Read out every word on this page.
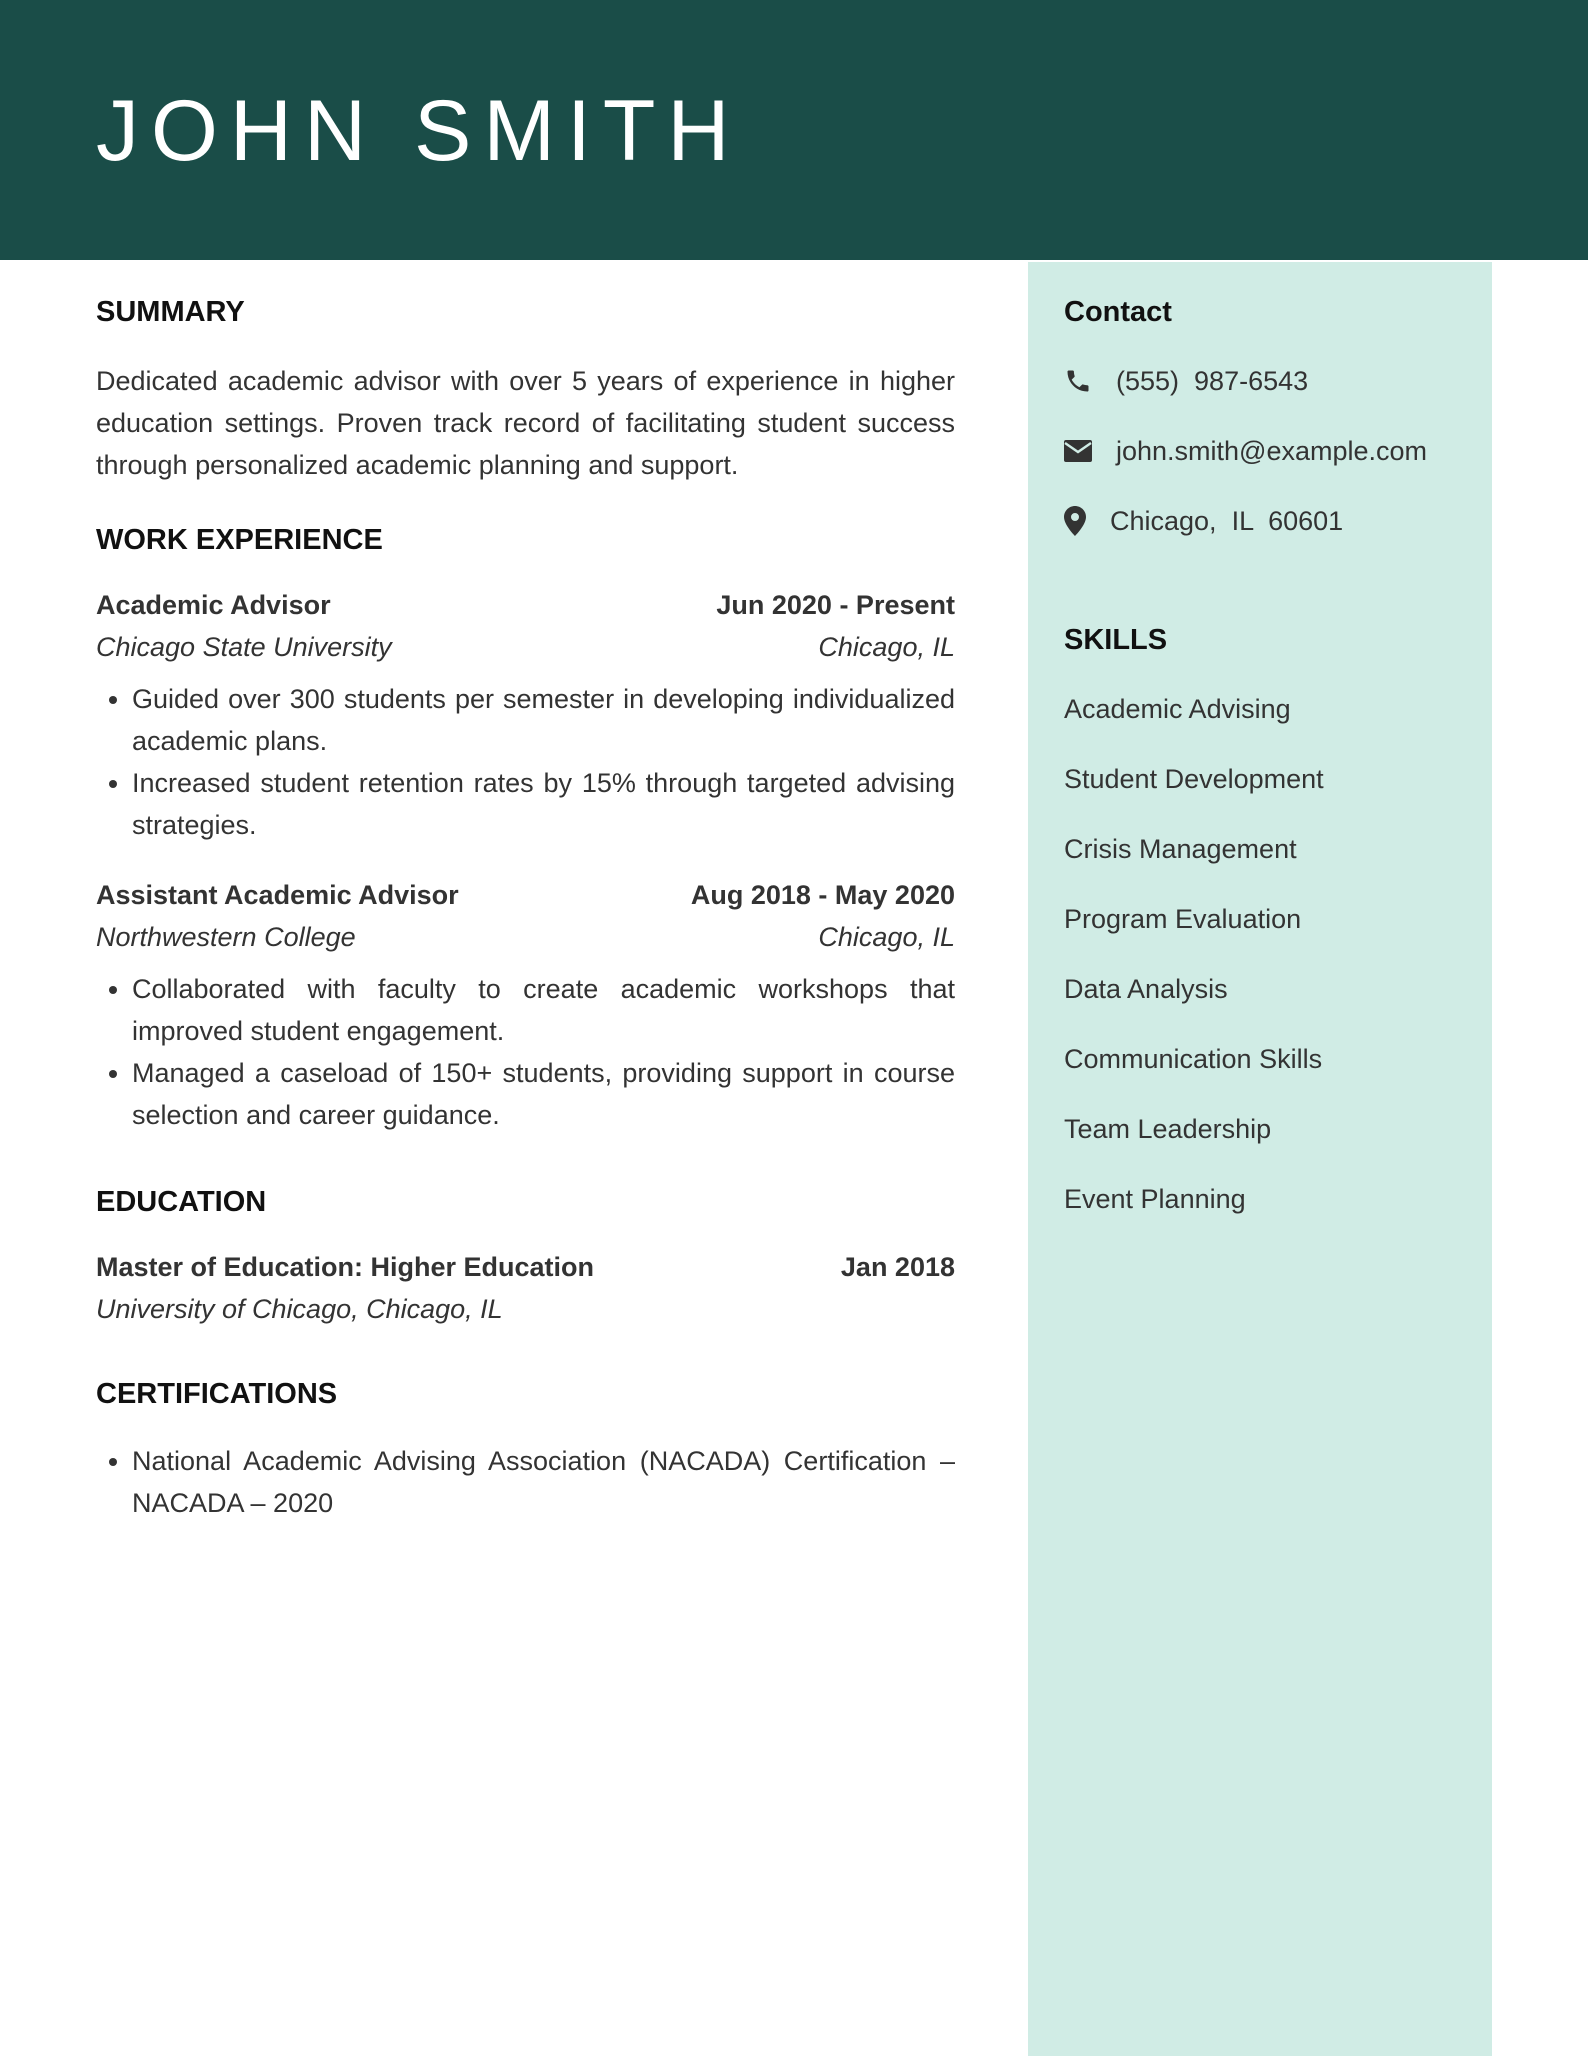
JOHN SMITH
Contact
(555)  987-6543
john.smith@example.com
Chicago,  IL  60601
SKILLS
Academic Advising
Student Development
Crisis Management
Program Evaluation
Data Analysis
Communication Skills
Team Leadership
Event Planning
SUMMARY

Dedicated academic advisor with over 5 years of experience in higher education settings. Proven track record of facilitating student success through personalized academic planning and support.

WORK EXPERIENCE
Academic Advisor	Jun 2020 - Present
Chicago State University	Chicago, IL
• Guided over 300 students per semester in developing individualized academic plans.
• Increased student retention rates by 15% through targeted advising strategies.
Assistant Academic Advisor	Aug 2018 - May 2020
Northwestern College	Chicago, IL
• Collaborated with faculty to create academic workshops that improved student engagement.
• Managed a caseload of 150+ students, providing support in course selection and career guidance.
EDUCATION
Master of Education: Higher Education	Jan 2018
University of Chicago, Chicago, IL
CERTIFICATIONS
• National Academic Advising Association (NACADA) Certification – NACADA – 2020
